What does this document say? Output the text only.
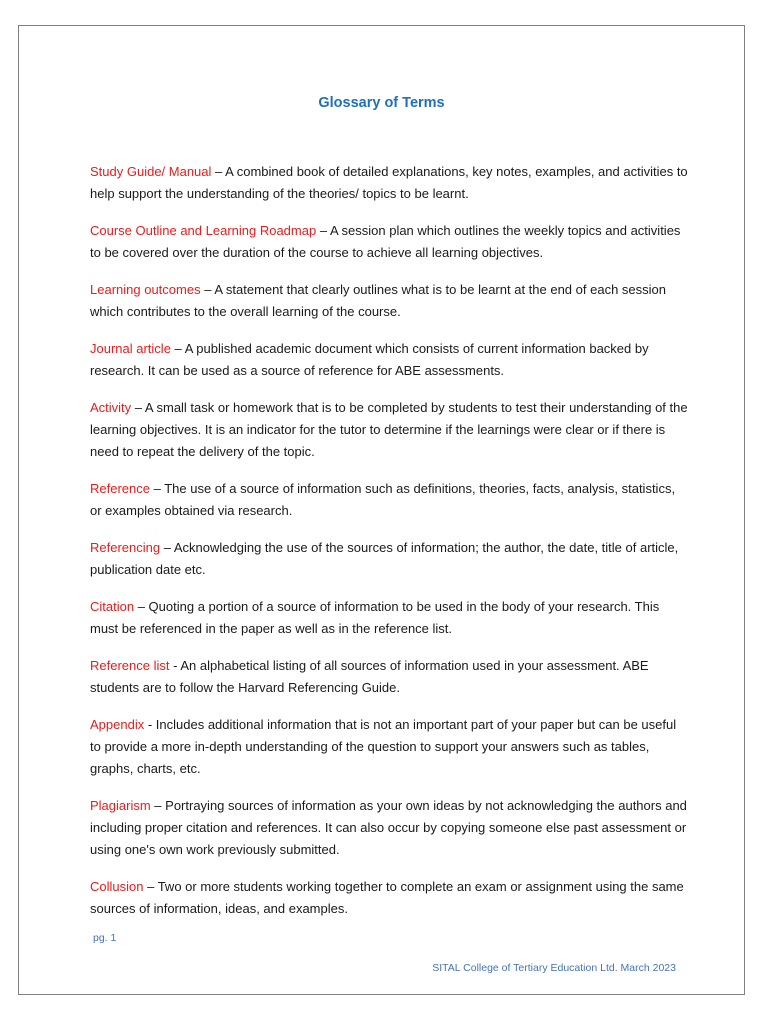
Glossary of Terms

Study Guide/ Manual – A combined book of detailed explanations, key notes, examples, and activities to help support the understanding of the theories/ topics to be learnt.

Course Outline and Learning Roadmap – A session plan which outlines the weekly topics and activities to be covered over the duration of the course to achieve all learning objectives.

Learning outcomes – A statement that clearly outlines what is to be learnt at the end of each session which contributes to the overall learning of the course.

Journal article – A published academic document which consists of current information backed by research. It can be used as a source of reference for ABE assessments.

Activity – A small task or homework that is to be completed by students to test their understanding of the learning objectives. It is an indicator for the tutor to determine if the learnings were clear or if there is need to repeat the delivery of the topic.

Reference – The use of a source of information such as definitions, theories, facts, analysis, statistics, or examples obtained via research.

Referencing – Acknowledging the use of the sources of information; the author, the date, title of article, publication date etc.

Citation – Quoting a portion of a source of information to be used in the body of your research. This must be referenced in the paper as well as in the reference list.

Reference list - An alphabetical listing of all sources of information used in your assessment. ABE students are to follow the Harvard Referencing Guide.

Appendix - Includes additional information that is not an important part of your paper but can be useful to provide a more in-depth understanding of the question to support your answers such as tables, graphs, charts, etc.

Plagiarism – Portraying sources of information as your own ideas by not acknowledging the authors and including proper citation and references. It can also occur by copying someone else past assessment or using one's own work previously submitted.

Collusion – Two or more students working together to complete an exam or assignment using the same sources of information, ideas, and examples.

pg. 1
SITAL College of Tertiary Education Ltd. March 2023
